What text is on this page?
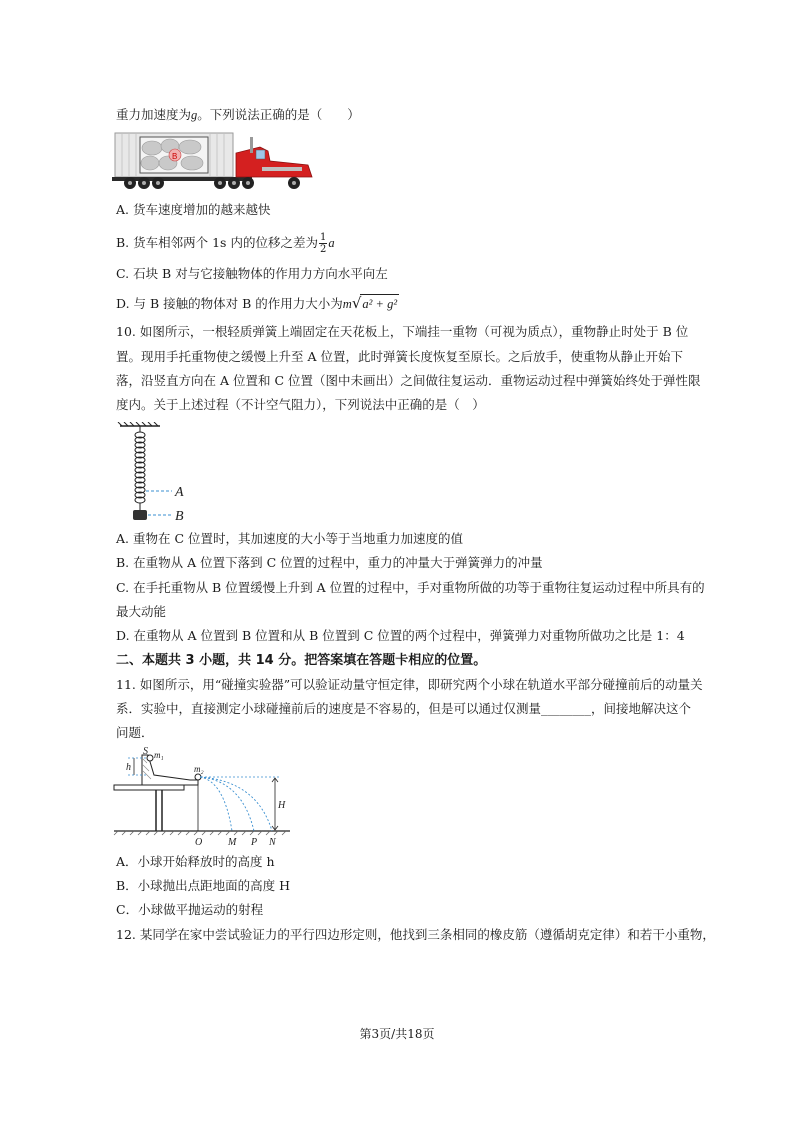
重力加速度为g。下列说法正确的是（　　）
B
A. 货车速度增加的越来越快
B. 货车相邻两个 1s 内的位移之差为 $\frac{1}{2}$ a
C. 石块 B 对与它接触物体的作用力方向水平向左
D. 与 B 接触的物体对 B 的作用力大小为m√a² + g²
10. 如图所示，一根轻质弹簧上端固定在天花板上，下端挂一重物（可视为质点），重物静止时处于 B 位
置。现用手托重物使之缓慢上升至 A 位置，此时弹簧长度恢复至原长。之后放手，使重物从静止开始下
落，沿竖直方向在 A 位置和 C 位置（图中未画出）之间做往复运动．重物运动过程中弹簧始终处于弹性限
度内。关于上述过程（不计空气阻力），下列说法中正确的是（　）
A
B
A. 重物在 C 位置时，其加速度的大小等于当地重力加速度的值
B. 在重物从 A 位置下落到 C 位置的过程中，重力的冲量大于弹簧弹力的冲量
C. 在手托重物从 B 位置缓慢上升到 A 位置的过程中，手对重物所做的功等于重物往复运动过程中所具有的
最大动能
D. 在重物从 A 位置到 B 位置和从 B 位置到 C 位置的两个过程中，弹簧弹力对重物所做功之比是 1：4
二、本题共 3 小题，共 14 分。把答案填在答题卡相应的位置。
11. 如图所示，用“碰撞实验器”可以验证动量守恒定律，即研究两个小球在轨道水平部分碰撞前后的动量关
系．实验中，直接测定小球碰撞前后的速度是不容易的，但是可以通过仅测量________，间接地解决这个
问题．
S m₁
m₂
h
H
O	M P N
A．小球开始释放时的高度 h
B．小球抛出点距地面的高度 H
C．小球做平抛运动的射程
12. 某同学在家中尝试验证力的平行四边形定则，他找到三条相同的橡皮筋（遵循胡克定律）和若干小重物，
第3页/共18页
